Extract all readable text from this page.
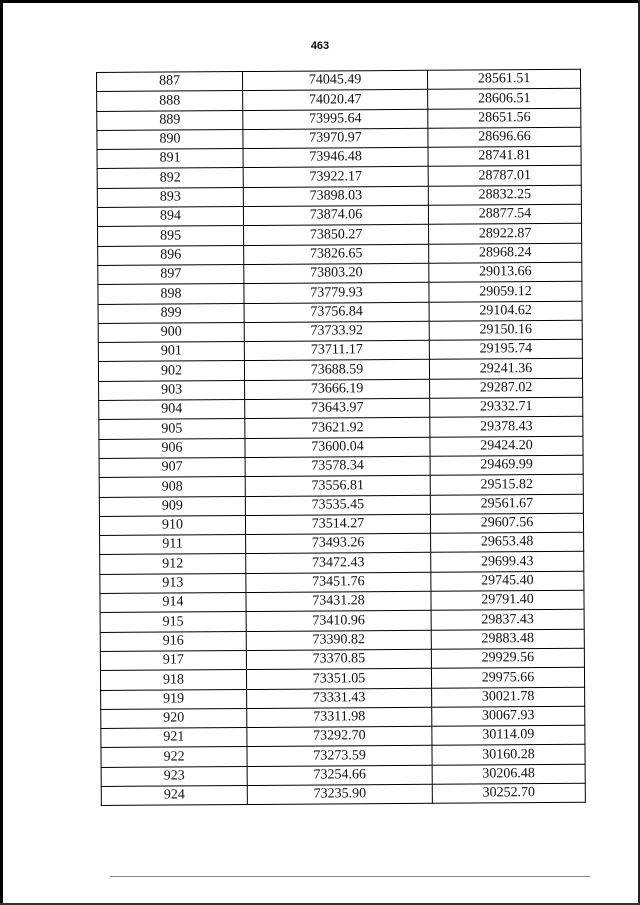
463
887	74045.49	28561.51
888	74020.47	28606.51
889	73995.64	28651.56
890	73970.97	28696.66
891	73946.48	28741.81
892	73922.17	28787.01
893	73898.03	28832.25
894	73874.06	28877.54
895	73850.27	28922.87
896	73826.65	28968.24
897	73803.20	29013.66
898	73779.93	29059.12
899	73756.84	29104.62
900	73733.92	29150.16
901	73711.17	29195.74
902	73688.59	29241.36
903	73666.19	29287.02
904	73643.97	29332.71
905	73621.92	29378.43
906	73600.04	29424.20
907	73578.34	29469.99
908	73556.81	29515.82
909	73535.45	29561.67
910	73514.27	29607.56
911	73493.26	29653.48
912	73472.43	29699.43
913	73451.76	29745.40
914	73431.28	29791.40
915	73410.96	29837.43
916	73390.82	29883.48
917	73370.85	29929.56
918	73351.05	29975.66
919	73331.43	30021.78
920	73311.98	30067.93
921	73292.70	30114.09
922	73273.59	30160.28
923	73254.66	30206.48
924	73235.90	30252.70
